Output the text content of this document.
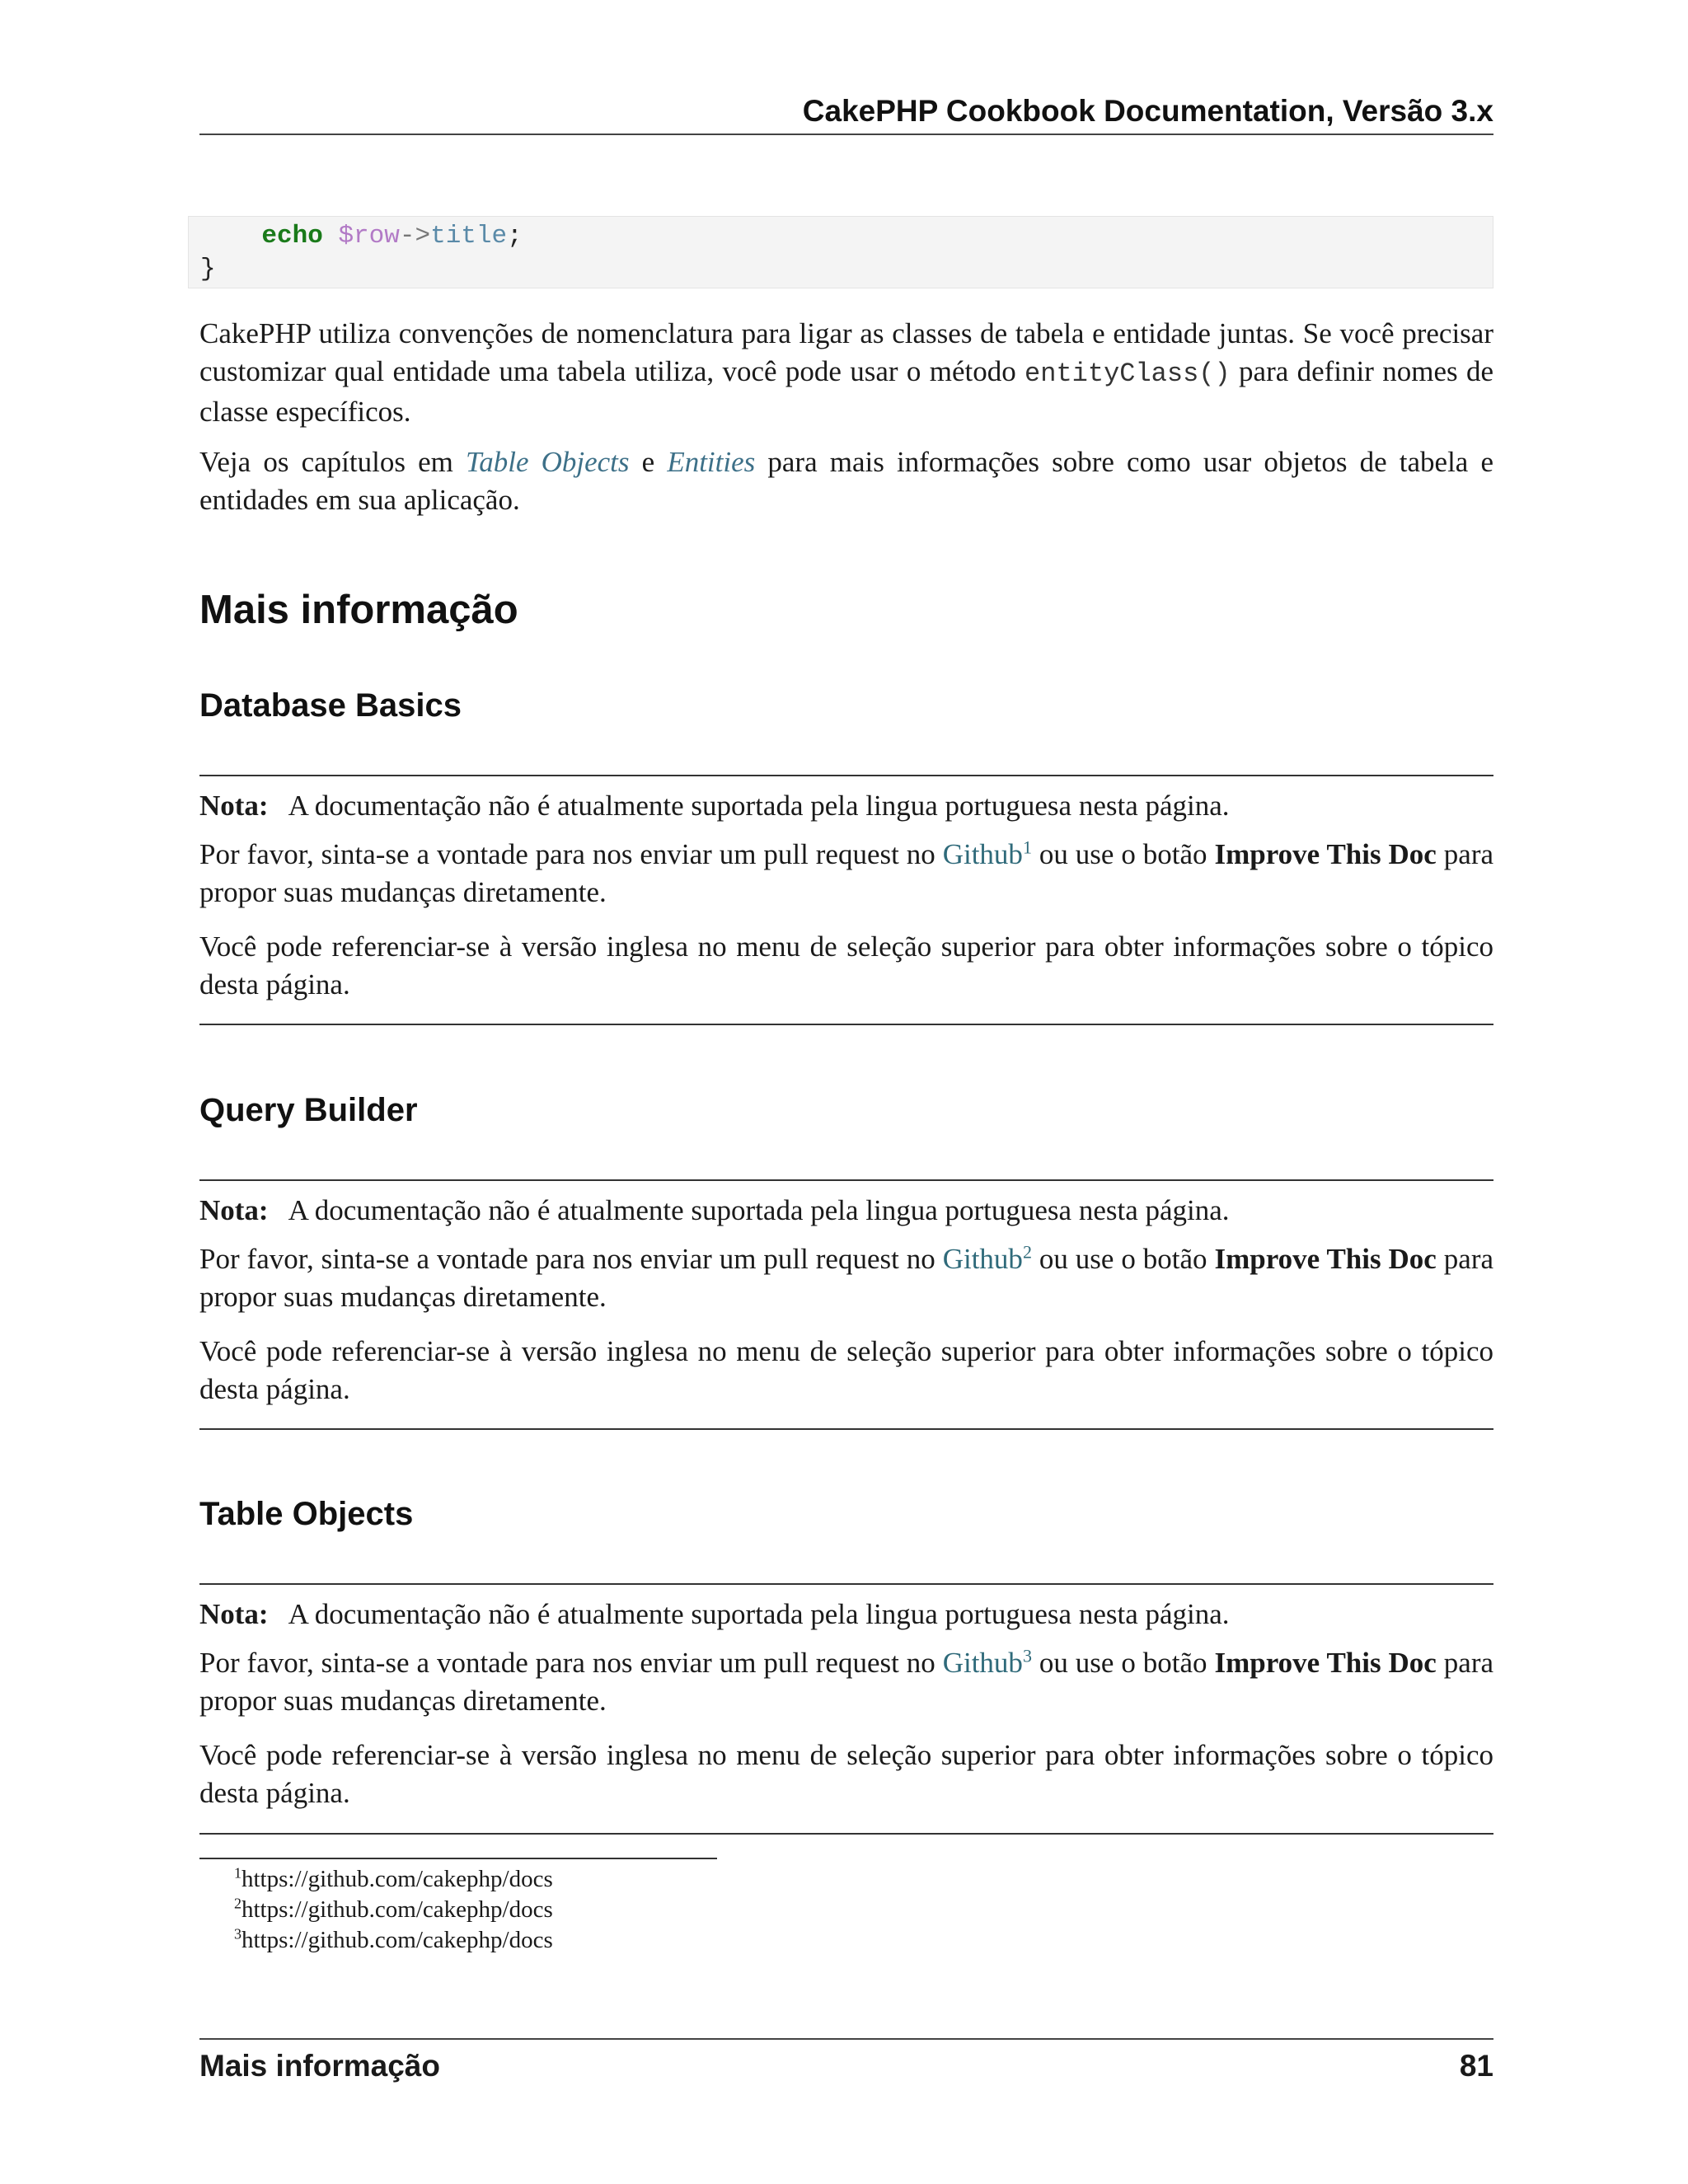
CakePHP Cookbook Documentation, Versão 3.x
echo $row->title;
}
CakePHP utiliza convenções de nomenclatura para ligar as classes de tabela e entidade juntas. Se você precisar customizar qual entidade uma tabela utiliza, você pode usar o método entityClass() para definir nomes de classe específicos.
Veja os capítulos em Table Objects e Entities para mais informações sobre como usar objetos de tabela e entidades em sua aplicação.
Mais informação
Database Basics
Nota: A documentação não é atualmente suportada pela lingua portuguesa nesta página.
Por favor, sinta-se a vontade para nos enviar um pull request no Github$^1$ ou use o botão Improve This Doc para propor suas mudanças diretamente.
Você pode referenciar-se à versão inglesa no menu de seleção superior para obter informações sobre o tópico desta página.
Query Builder
Nota: A documentação não é atualmente suportada pela lingua portuguesa nesta página.
Por favor, sinta-se a vontade para nos enviar um pull request no Github$^2$ ou use o botão Improve This Doc para propor suas mudanças diretamente.
Você pode referenciar-se à versão inglesa no menu de seleção superior para obter informações sobre o tópico desta página.
Table Objects
Nota: A documentação não é atualmente suportada pela lingua portuguesa nesta página.
Por favor, sinta-se a vontade para nos enviar um pull request no Github$^3$ ou use o botão Improve This Doc para propor suas mudanças diretamente.
Você pode referenciar-se à versão inglesa no menu de seleção superior para obter informações sobre o tópico desta página.
$^1$https://github.com/cakephp/docs
$^2$https://github.com/cakephp/docs
$^3$https://github.com/cakephp/docs
Mais informação	81
